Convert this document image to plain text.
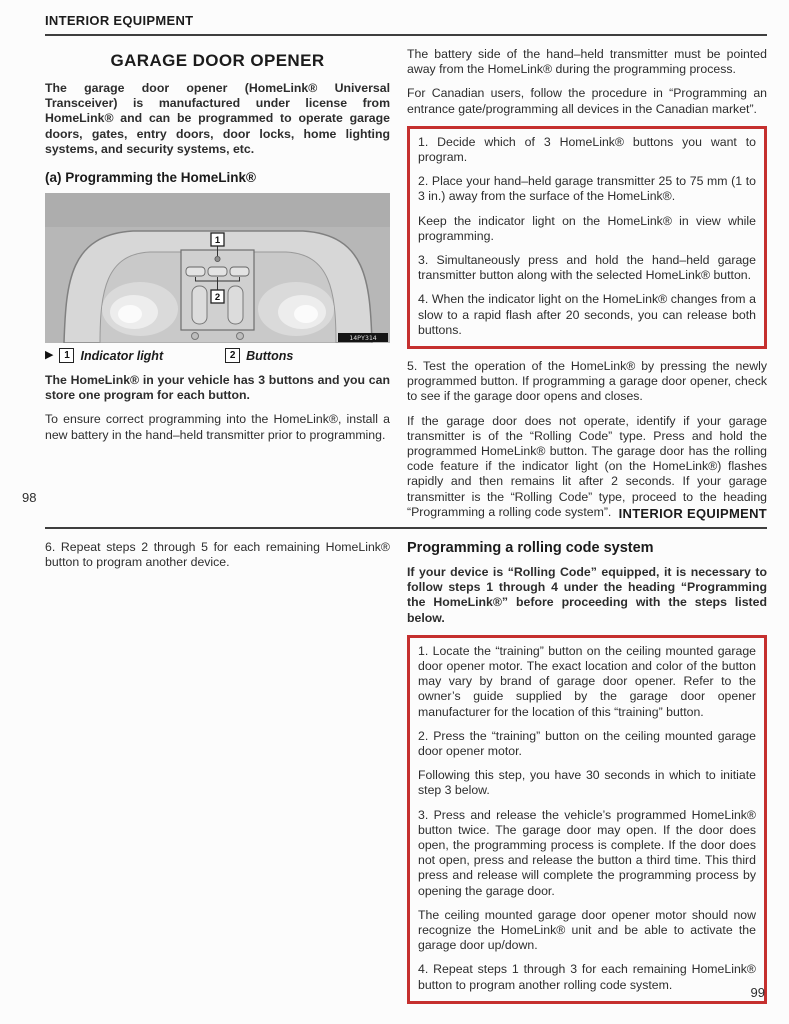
INTERIOR EQUIPMENT
GARAGE DOOR OPENER

The garage door opener (HomeLink® Universal Transceiver) is manufactured under license from HomeLink® and can be programmed to operate garage doors, gates, entry doors, door locks, home lighting systems, and security systems, etc.

(a) Programming the HomeLink®
1
2
14PY314
▶	1 Indicator light	2 Buttons

The HomeLink® in your vehicle has 3 buttons and you can store one program for each button.

To ensure correct programming into the HomeLink®, install a new battery in the hand–held transmitter prior to programming.

The battery side of the hand–held transmitter must be pointed away from the HomeLink® during the programming process.

For Canadian users, follow the procedure in “Programming an entrance gate/programming all devices in the Canadian market”.

1. Decide which of 3 HomeLink® buttons you want to program.

2. Place your hand–held garage transmitter 25 to 75 mm (1 to 3 in.) away from the surface of the HomeLink®.

Keep the indicator light on the HomeLink® in view while programming.

3. Simultaneously press and hold the hand–held garage transmitter button along with the selected HomeLink® button.

4. When the indicator light on the HomeLink® changes from a slow to a rapid flash after 20 seconds, you can release both buttons.

5. Test the operation of the HomeLink® by pressing the newly programmed button. If programming a garage door opener, check to see if the garage door opens and closes.

If the garage door does not operate, identify if your garage transmitter is of the “Rolling Code” type. Press and hold the programmed HomeLink® button. The garage door has the rolling code feature if the indicator light (on the HomeLink®) flashes rapidly and then remains lit after 2 seconds. If your garage transmitter is the “Rolling Code” type, proceed to the heading “Programming a rolling code system”.

98
INTERIOR EQUIPMENT

6. Repeat steps 2 through 5 for each remaining HomeLink® button to program another device.

Programming a rolling code system

If your device is “Rolling Code” equipped, it is necessary to follow steps 1 through 4 under the heading “Programming the HomeLink®” before proceeding with the steps listed below.

1. Locate the “training” button on the ceiling mounted garage door opener motor. The exact location and color of the button may vary by brand of garage door opener. Refer to the owner’s guide supplied by the garage door opener manufacturer for the location of this “training” button.

2. Press the “training” button on the ceiling mounted garage door opener motor.

Following this step, you have 30 seconds in which to initiate step 3 below.

3. Press and release the vehicle’s programmed HomeLink® button twice. The garage door may open. If the door does open, the programming process is complete. If the door does not open, press and release the button a third time. This third press and release will complete the programming process by opening the garage door.

The ceiling mounted garage door opener motor should now recognize the HomeLink® unit and be able to activate the garage door up/down.

4. Repeat steps 1 through 3 for each remaining HomeLink® button to program another rolling code system.

99
